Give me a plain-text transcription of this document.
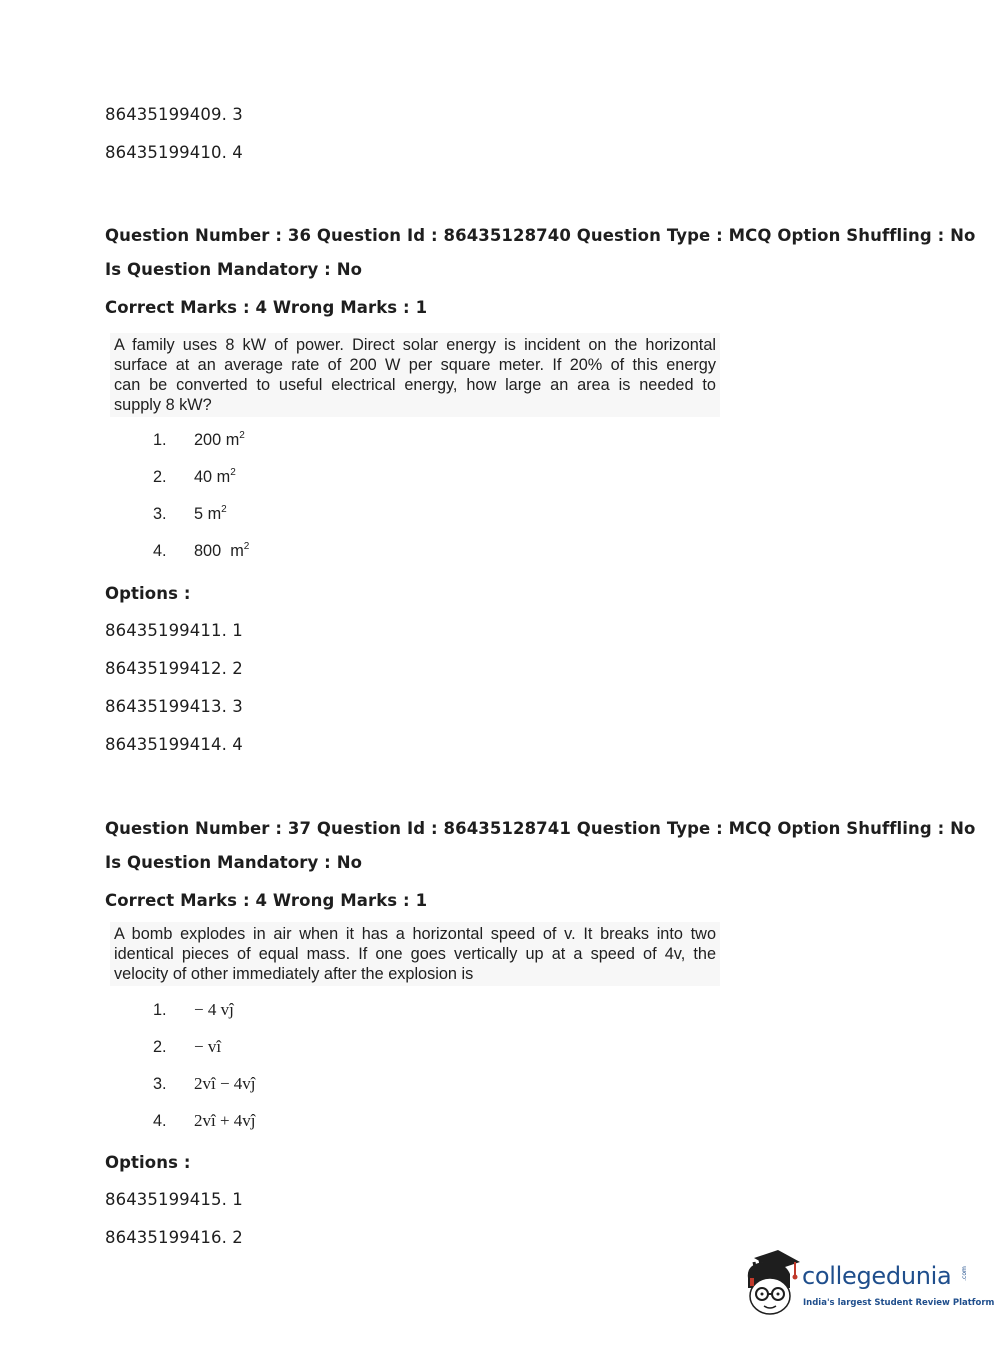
86435199409. 3
86435199410. 4
Question Number : 36 Question Id : 86435128740 Question Type : MCQ Option Shuffling : No
Is Question Mandatory : No
Correct Marks : 4 Wrong Marks : 1
A family uses 8 kW of power. Direct solar energy is incident on the horizontal
surface at an average rate of 200 W per square meter. If 20% of this energy
can be converted to useful electrical energy, how large an area is needed to
supply 8 kW?
1. 200 $m^2$
2. 40 $m^2$
3. 5 $m^2$
4. 800  $m^2$
Options :
86435199411. 1
86435199412. 2
86435199413. 3
86435199414. 4
Question Number : 37 Question Id : 86435128741 Question Type : MCQ Option Shuffling : No
Is Question Mandatory : No
Correct Marks : 4 Wrong Marks : 1
A bomb explodes in air when it has a horizontal speed of v. It breaks into two
identical pieces of equal mass. If one goes vertically up at a speed of 4v, the
velocity of other immediately after the explosion is
1. − 4 vĵ
2. − vî
3. 2vî − 4vĵ
4. 2vî + 4vĵ
Options :
86435199415. 1
86435199416. 2
collegedunia .com
India's largest Student Review Platform
